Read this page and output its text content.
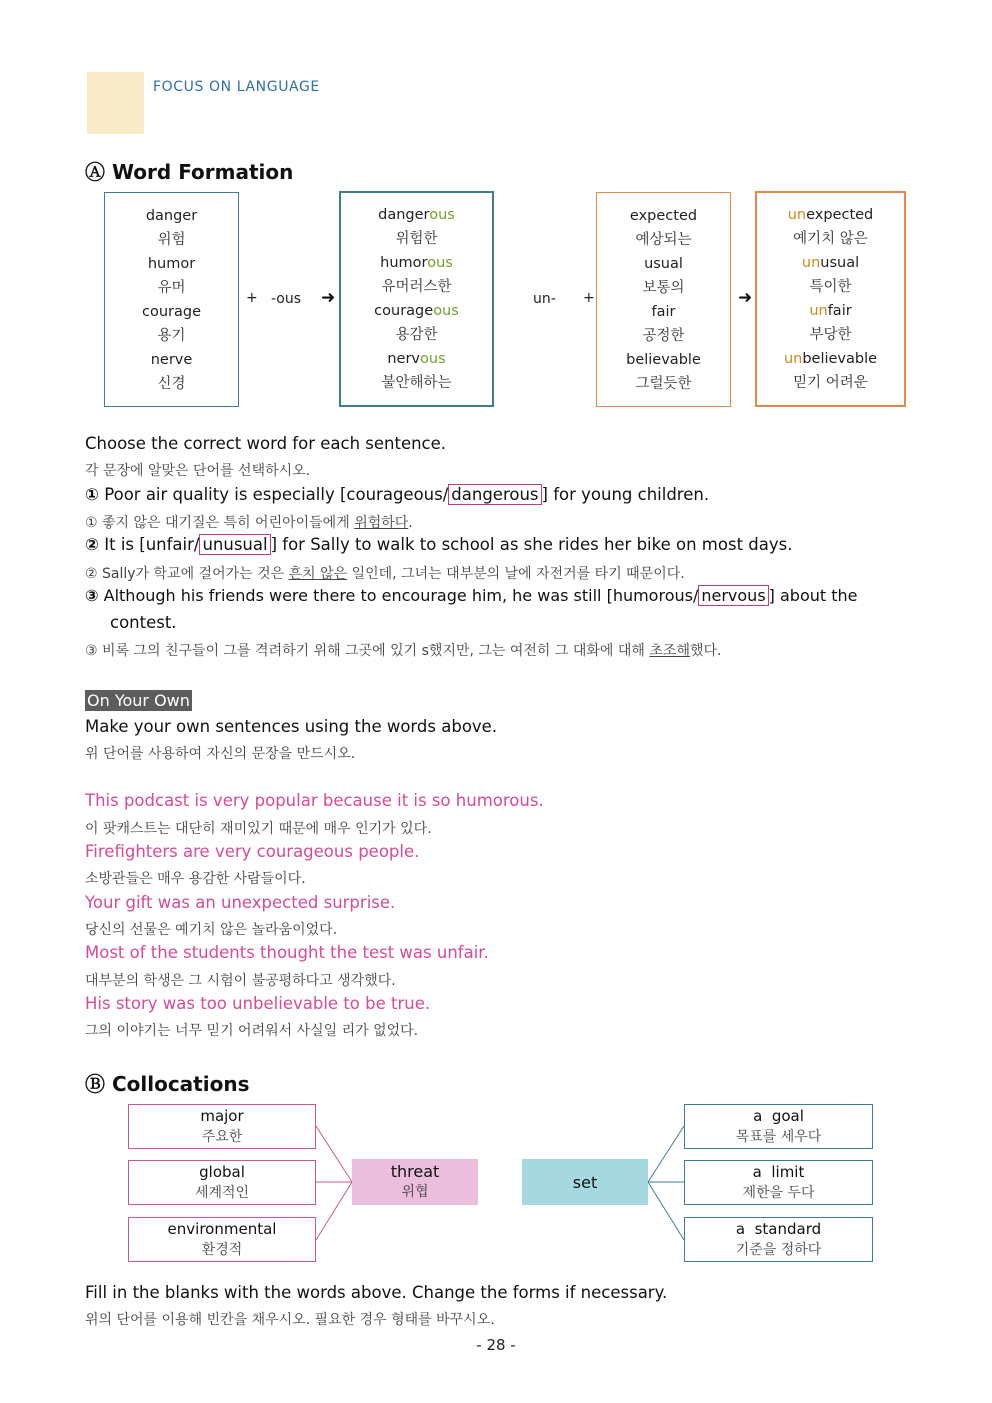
FOCUS ON LANGUAGE
Ⓐ Word Formation
danger
위험
humor
유머
courage
용기
nerve
신경
+ -ous ➜
dangerous
위험한
humorous
유머러스한
courageous
용감한
nervous
불안해하는
un- +
expected
예상되는
usual
보통의
fair
공정한
believable
그럴듯한
➜
unexpected
예기치 않은
unusual
특이한
unfair
부당한
unbelievable
믿기 어려운
Choose the correct word for each sentence.
각 문장에 알맞은 단어를 선택하시오.
① Poor air quality is especially [courageous/ dangerous ] for young children.
① 좋지 않은 대기질은 특히 어린아이들에게 위험하다.
② It is [unfair/ unusual ] for Sally to walk to school as she rides her bike on most days.
② Sally가 학교에 걸어가는 것은 흔치 않은 일인데, 그녀는 대부분의 날에 자전거를 타기 때문이다.
③ Although his friends were there to encourage him, he was still [humorous/ nervous ] about the
contest.
③ 비록 그의 친구들이 그를 격려하기 위해 그곳에 있기 s했지만, 그는 여전히 그 대화에 대해 초조해했다.
On Your Own
Make your own sentences using the words above.
위 단어를 사용하여 자신의 문장을 만드시오.
This podcast is very popular because it is so humorous.
이 팟캐스트는 대단히 재미있기 때문에 매우 인기가 있다.
Firefighters are very courageous people.
소방관들은 매우 용감한 사람들이다.
Your gift was an unexpected surprise.
당신의 선물은 예기치 않은 놀라움이었다.
Most of the students thought the test was unfair.
대부분의 학생은 그 시험이 불공평하다고 생각했다.
His story was too unbelievable to be true.
그의 이야기는 너무 믿기 어려워서 사실일 리가 없었다.
Ⓑ Collocations
major
주요한
global
세계적인
environmental
환경적
threat
위협
set
a  goal
목표를 세우다
a  limit
제한을 두다
a  standard
기준을 정하다
Fill in the blanks with the words above. Change the forms if necessary.
위의 단어를 이용해 빈칸을 채우시오. 필요한 경우 형태를 바꾸시오.
- 28 -
